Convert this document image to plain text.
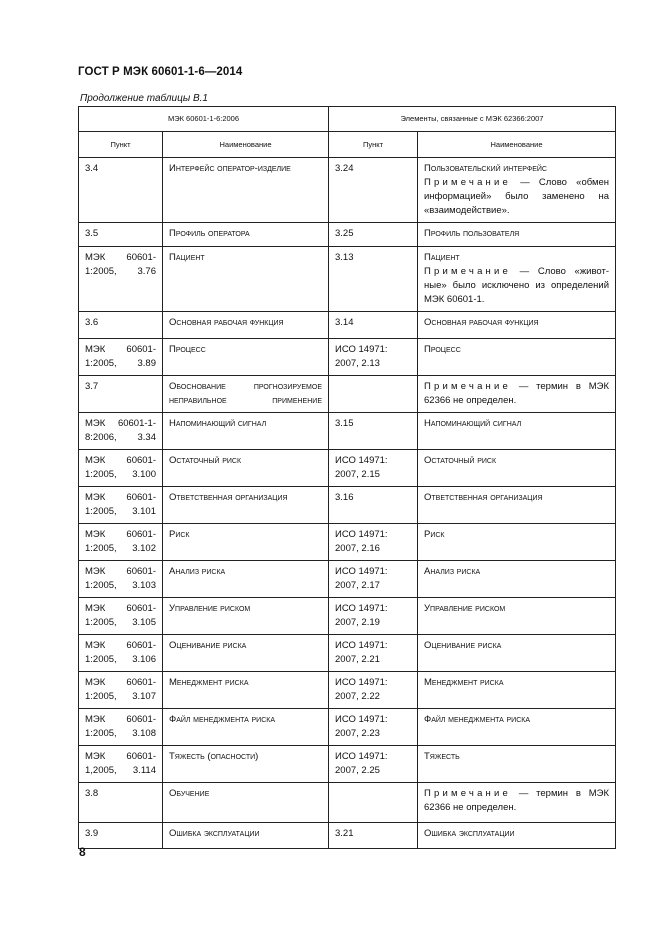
ГОСТ Р МЭК 60601-1-6—2014
Продолжение таблицы В.1
МЭК 60601-1-6:2006		Элементы, связанные с МЭК 62366:2007	
Пункт	Наименование	Пункт	Наименование

3.4	Интерфейс оператор-изделие	3.24	Пользовательский интерфейс
Примечание — Слово «обмен информацией» было заменено на «взаимодействие».

3.5	Профиль оператора	3.25	Профиль пользователя

МЭК 60601-1:2005, 3.76	Пациент	3.13	Пациент
Примечание — Слово «живот-ные» было исключено из определений МЭК 60601-1.

3.6	Основная рабочая функция	3.14	Основная рабочая функция

МЭК 60601-1:2005, 3.89	Процесс	ИСО 14971: 2007, 2.13	Процесс

3.7	Обоснование прогнозируемое неправильное применение		Примечание — термин в МЭК 62366 не определен.

МЭК 60601-1-8:2006, 3.34	Напоминающий сигнал	3.15	Напоминающий сигнал

МЭК 60601-1:2005, 3.100	Остаточный риск	ИСО 14971: 2007, 2.15	Остаточный риск

МЭК 60601-1:2005, 3.101	Ответственная организация	3.16	Ответственная организация

МЭК 60601-1:2005, 3.102	Риск	ИСО 14971: 2007, 2.16	Риск

МЭК 60601-1:2005, 3.103	Анализ риска	ИСО 14971: 2007, 2.17	Анализ риска

МЭК 60601-1:2005, 3.105	Управление риском	ИСО 14971: 2007, 2.19	Управление риском

МЭК 60601-1:2005, 3.106	Оценивание риска	ИСО 14971: 2007, 2.21	Оценивание риска

МЭК 60601-1:2005, 3.107	Менеджмент риска	ИСО 14971: 2007, 2.22	Менеджмент риска

МЭК 60601-1:2005, 3.108	Файл менеджмента риска	ИСО 14971: 2007, 2.23	Файл менеджмента риска

МЭК 60601-1,2005, 3.114	Тяжесть (опасности)	ИСО 14971: 2007, 2.25	Тяжесть

3.8	Обучение		Примечание — термин в МЭК 62366 не определен.

3.9	Ошибка эксплуатации	3.21	Ошибка эксплуатации
8
